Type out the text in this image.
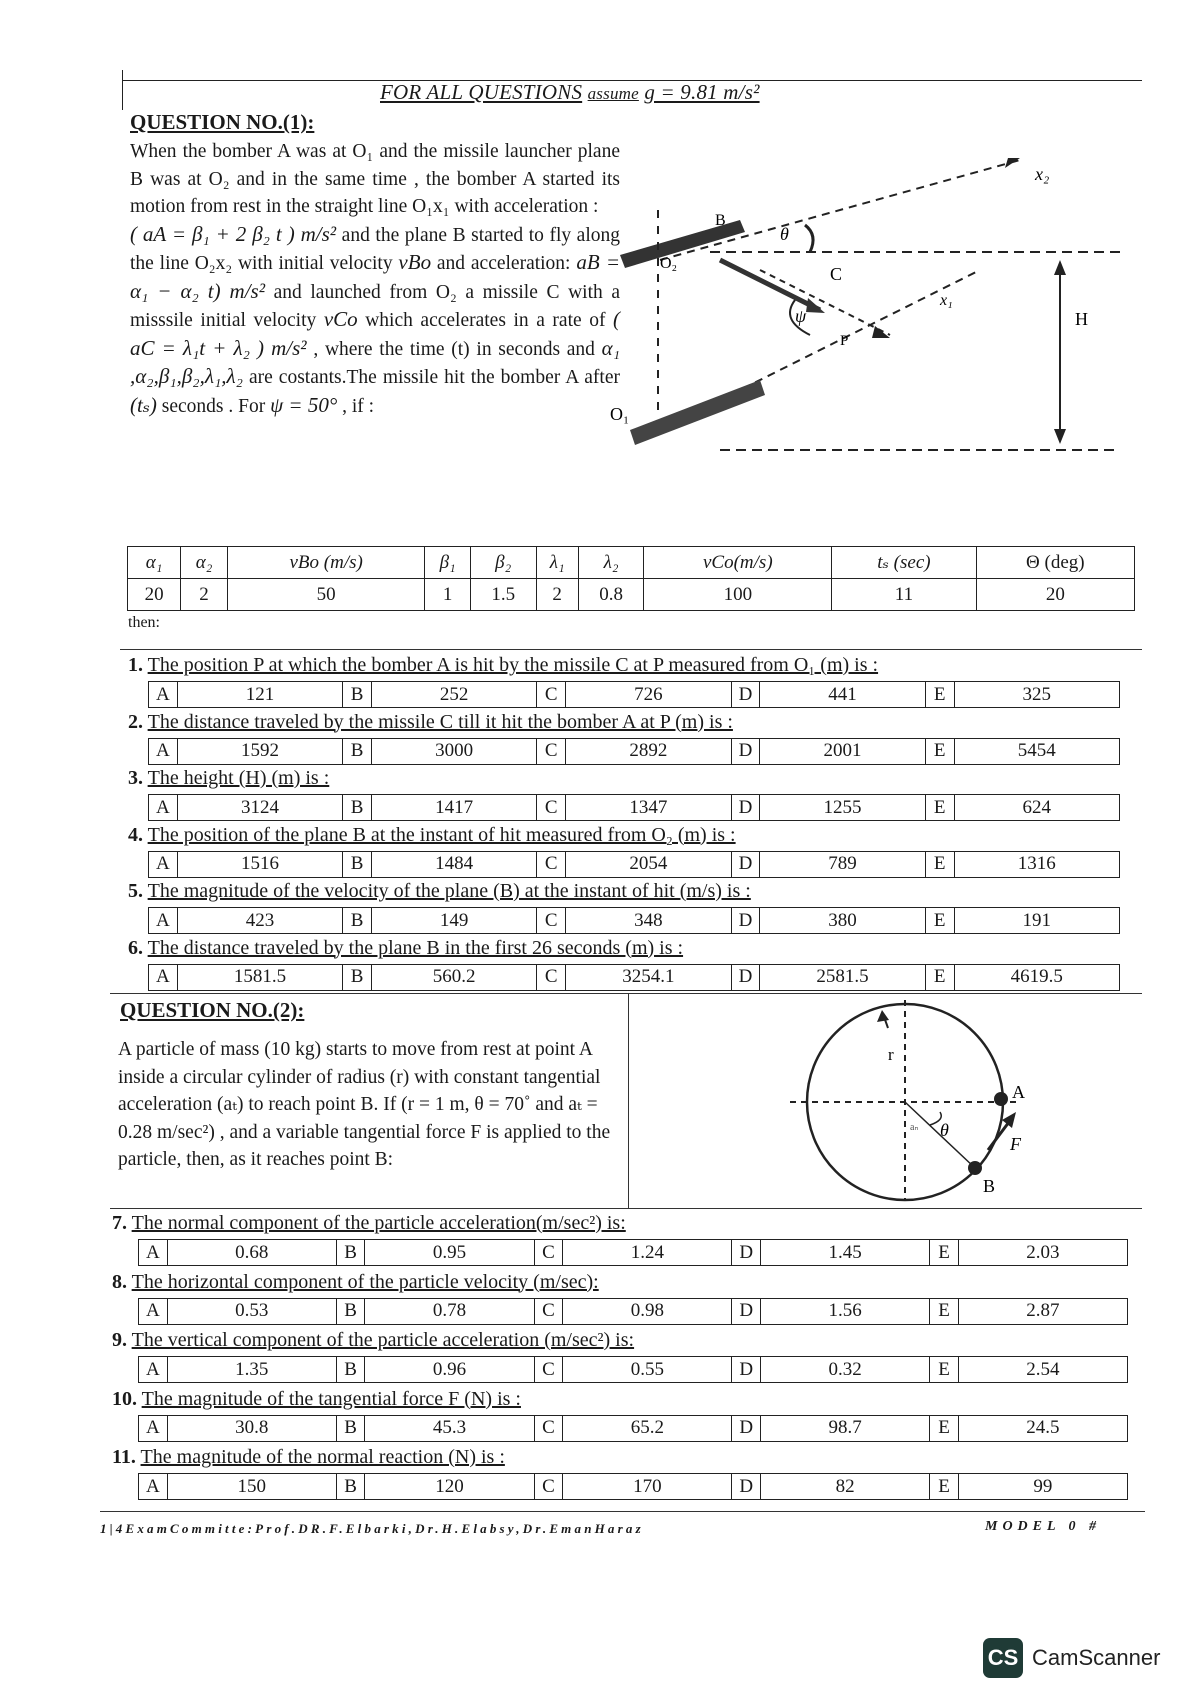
FOR ALL QUESTIONS assume g = 9.81 m/s²
QUESTION NO.(1):

When the bomber A was at O₁ and the missile launcher plane B was at O₂ and in the same time , the bomber A started its motion from rest in the straight line O₁x₁ with acceleration :
( aA = β₁ + 2 β₂ t ) m/s² and the plane B started to fly along the line O₂x₂ with initial velocity vBo and acceleration: aB = α₁ − α₂ t) m/s² and launched from O₂ a missile C with a misssile initial velocity vCo which accelerates in a rate of ( aC = λ₁t + λ₂ ) m/s² , where the time (t) in seconds and α₁ ,α₂,β₁,β₂,λ₁,λ₂ are costants.The missile hit the bomber A after (tₛ) seconds . For ψ = 50° , if :

x₂
B
O₂
θ
C
x₁
ψ
P
A
O₁
H
α₁	α₂	vBo (m/s)	β₁	β₂	λ₁	λ₂	vCo(m/s)	tₛ (sec)	Θ (deg)
20	2	50	1	1.5	2	0.8	100	11	20
then:
1. The position P at which the bomber A is hit by the missile C at P measured from O₁ (m) is :
A	121	B	252	C	726	D	441	E	325
2. The distance traveled by the missile C till it hit the bomber A at P (m) is :
A	1592	B	3000	C	2892	D	2001	E	5454
3. The height (H) (m) is :
A	3124	B	1417	C	1347	D	1255	E	624
4. The position of the plane B at the instant of hit measured from O₂ (m) is :
A	1516	B	1484	C	2054	D	789	E	1316
5. The magnitude of the velocity of the plane (B) at the instant of hit (m/s) is :
A	423	B	149	C	348	D	380	E	191
6. The distance traveled by the plane B in the first 26 seconds (m) is :
A	1581.5	B	560.2	C	3254.1	D	2581.5	E	4619.5
QUESTION NO.(2):

A particle of mass (10 kg) starts to move from rest at point A inside a circular cylinder of radius (r) with constant tangential acceleration (aₜ) to reach point B. If (r = 1 m, θ = 70˚ and aₜ = 0.28 m/sec²) , and a variable tangential force F is applied to the particle, then, as it reaches point B:

r
θ
aₙ
A
B
F
7. The normal component of the particle acceleration(m/sec²) is:
A	0.68	B	0.95	C	1.24	D	1.45	E	2.03
8. The horizontal component of the particle velocity (m/sec):
A	0.53	B	0.78	C	0.98	D	1.56	E	2.87
9. The vertical component of the particle acceleration (m/sec²) is:
A	1.35	B	0.96	C	0.55	D	0.32	E	2.54
10. The magnitude of the tangential force F (N) is :
A	30.8	B	45.3	C	65.2	D	98.7	E	24.5
11. The magnitude of the normal reaction (N) is :
A	150	B	120	C	170	D	82	E	99
1|4ExamCommitte:Prof.DR.F.Elbarki,Dr.H.Elabsy,Dr.EmanHaraz	MODEL 0 #
CS CamScanner
